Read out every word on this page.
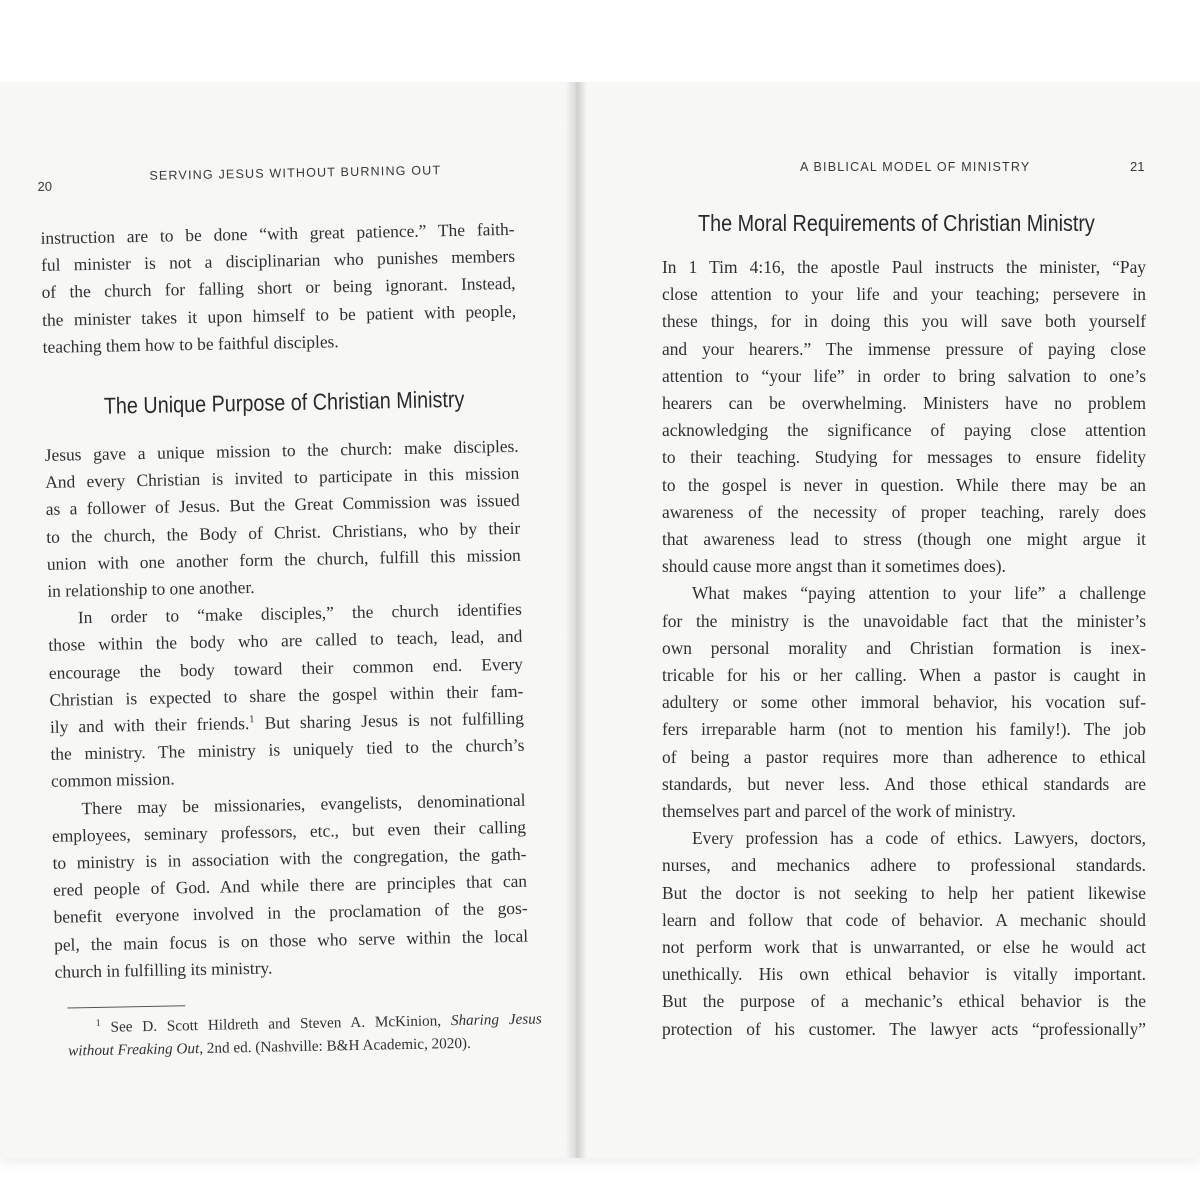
20
SERVING JESUS WITHOUT BURNING OUT

instruction are to be done “with great patience.” The faith-

ful minister is not a disciplinarian who punishes members

of the church for falling short or being ignorant. Instead,

the minister takes it upon himself to be patient with people,

teaching them how to be faithful disciples.

The Unique Purpose of Christian Ministry

Jesus gave a unique mission to the church: make disciples.

And every Christian is invited to participate in this mission

as a follower of Jesus. But the Great Commission was issued

to the church, the Body of Christ. Christians, who by their

union with one another form the church, fulfill this mission

in relationship to one another.

In order to “make disciples,” the church identifies

those within the body who are called to teach, lead, and

encourage the body toward their common end. Every

Christian is expected to share the gospel within their fam-

ily and with their friends.$^1$ But sharing Jesus is not fulfilling

the ministry. The ministry is uniquely tied to the church’s

common mission.

There may be missionaries, evangelists, denominational

employees, seminary professors, etc., but even their calling

to ministry is in association with the congregation, the gath-

ered people of God. And while there are principles that can

benefit everyone involved in the proclamation of the gos-

pel, the main focus is on those who serve within the local

church in fulfilling its ministry.

$^1$ See D. Scott Hildreth and Steven A. McKinion, Sharing Jesus
without Freaking Out, 2nd ed. (Nashville: B&H Academic, 2020).
A BIBLICAL MODEL OF MINISTRY	21
The Moral Requirements of Christian Ministry

In 1 Tim 4:16, the apostle Paul instructs the minister, “Pay

close attention to your life and your teaching; persevere in

these things, for in doing this you will save both yourself

and your hearers.” The immense pressure of paying close

attention to “your life” in order to bring salvation to one’s

hearers can be overwhelming. Ministers have no problem

acknowledging the significance of paying close attention

to their teaching. Studying for messages to ensure fidelity

to the gospel is never in question. While there may be an

awareness of the necessity of proper teaching, rarely does

that awareness lead to stress (though one might argue it

should cause more angst than it sometimes does).

What makes “paying attention to your life” a challenge

for the ministry is the unavoidable fact that the minister’s

own personal morality and Christian formation is inex-

tricable for his or her calling. When a pastor is caught in

adultery or some other immoral behavior, his vocation suf-

fers irreparable harm (not to mention his family!). The job

of being a pastor requires more than adherence to ethical

standards, but never less. And those ethical standards are

themselves part and parcel of the work of ministry.

Every profession has a code of ethics. Lawyers, doctors,

nurses, and mechanics adhere to professional standards.

But the doctor is not seeking to help her patient likewise

learn and follow that code of behavior. A mechanic should

not perform work that is unwarranted, or else he would act

unethically. His own ethical behavior is vitally important.

But the purpose of a mechanic’s ethical behavior is the

protection of his customer. The lawyer acts “professionally”
